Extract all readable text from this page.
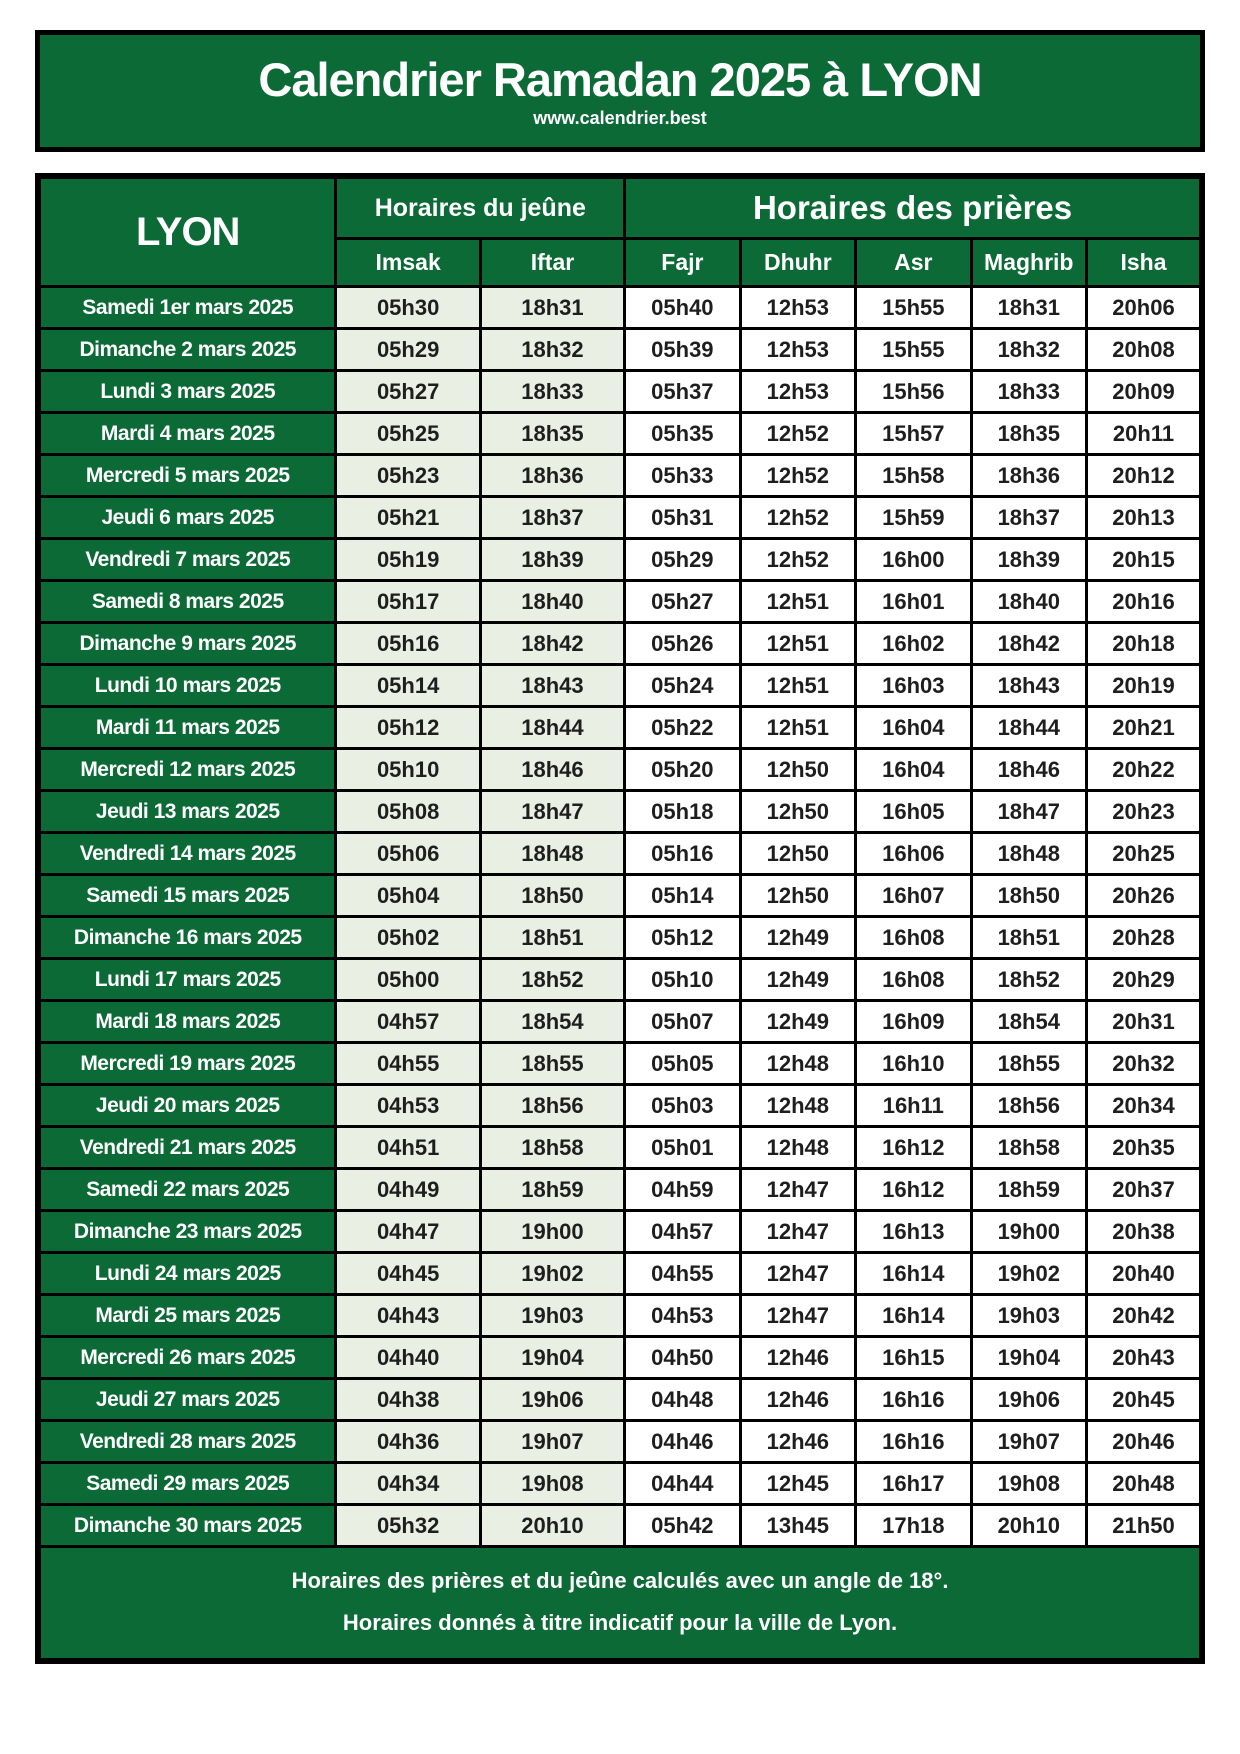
Calendrier Ramadan 2025 à LYON
www.calendrier.best
LYON	Horaires du jeûne		Horaires des prières				
	Imsak	Iftar	Fajr	Dhuhr	Asr	Maghrib	Isha
Samedi 1er mars 2025	05h30	18h31	05h40	12h53	15h55	18h31	20h06
Dimanche 2 mars 2025	05h29	18h32	05h39	12h53	15h55	18h32	20h08
Lundi 3 mars 2025	05h27	18h33	05h37	12h53	15h56	18h33	20h09
Mardi 4 mars 2025	05h25	18h35	05h35	12h52	15h57	18h35	20h11
Mercredi 5 mars 2025	05h23	18h36	05h33	12h52	15h58	18h36	20h12
Jeudi 6 mars 2025	05h21	18h37	05h31	12h52	15h59	18h37	20h13
Vendredi 7 mars 2025	05h19	18h39	05h29	12h52	16h00	18h39	20h15
Samedi 8 mars 2025	05h17	18h40	05h27	12h51	16h01	18h40	20h16
Dimanche 9 mars 2025	05h16	18h42	05h26	12h51	16h02	18h42	20h18
Lundi 10 mars 2025	05h14	18h43	05h24	12h51	16h03	18h43	20h19
Mardi 11 mars 2025	05h12	18h44	05h22	12h51	16h04	18h44	20h21
Mercredi 12 mars 2025	05h10	18h46	05h20	12h50	16h04	18h46	20h22
Jeudi 13 mars 2025	05h08	18h47	05h18	12h50	16h05	18h47	20h23
Vendredi 14 mars 2025	05h06	18h48	05h16	12h50	16h06	18h48	20h25
Samedi 15 mars 2025	05h04	18h50	05h14	12h50	16h07	18h50	20h26
Dimanche 16 mars 2025	05h02	18h51	05h12	12h49	16h08	18h51	20h28
Lundi 17 mars 2025	05h00	18h52	05h10	12h49	16h08	18h52	20h29
Mardi 18 mars 2025	04h57	18h54	05h07	12h49	16h09	18h54	20h31
Mercredi 19 mars 2025	04h55	18h55	05h05	12h48	16h10	18h55	20h32
Jeudi 20 mars 2025	04h53	18h56	05h03	12h48	16h11	18h56	20h34
Vendredi 21 mars 2025	04h51	18h58	05h01	12h48	16h12	18h58	20h35
Samedi 22 mars 2025	04h49	18h59	04h59	12h47	16h12	18h59	20h37
Dimanche 23 mars 2025	04h47	19h00	04h57	12h47	16h13	19h00	20h38
Lundi 24 mars 2025	04h45	19h02	04h55	12h47	16h14	19h02	20h40
Mardi 25 mars 2025	04h43	19h03	04h53	12h47	16h14	19h03	20h42
Mercredi 26 mars 2025	04h40	19h04	04h50	12h46	16h15	19h04	20h43
Jeudi 27 mars 2025	04h38	19h06	04h48	12h46	16h16	19h06	20h45
Vendredi 28 mars 2025	04h36	19h07	04h46	12h46	16h16	19h07	20h46
Samedi 29 mars 2025	04h34	19h08	04h44	12h45	16h17	19h08	20h48
Dimanche 30 mars 2025	05h32	20h10	05h42	13h45	17h18	20h10	21h50

Horaires des prières et du jeûne calculés avec un angle de 18°.
Horaires donnés à titre indicatif pour la ville de Lyon.							
